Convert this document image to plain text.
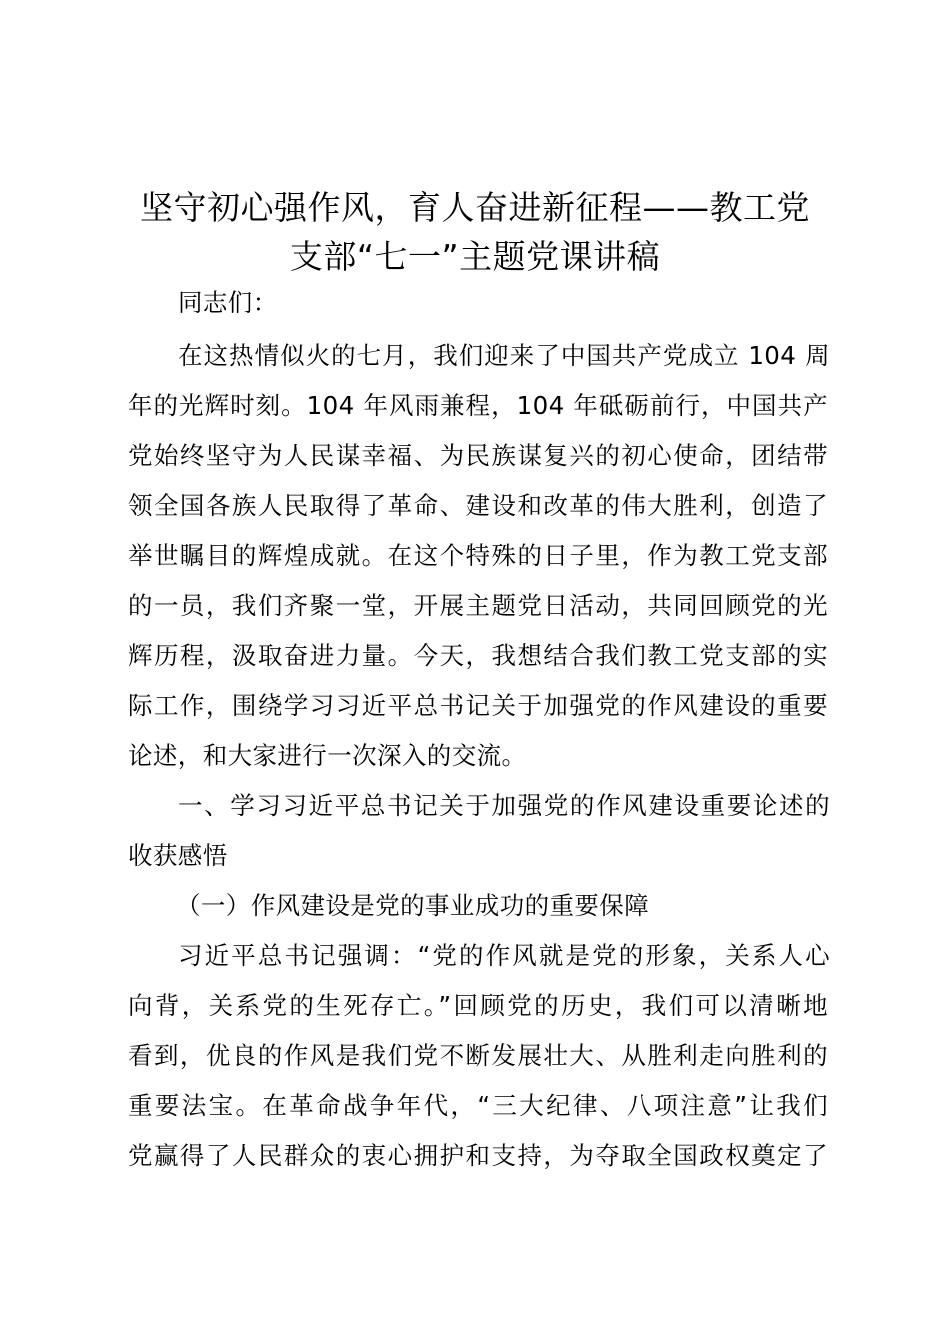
坚守初心强作风，育人奋进新征程——教工党
支部“七一”主题党课讲稿
同志们：
在这热情似火的七月，我们迎来了中国共产党成立 104 周
年的光辉时刻。104 年风雨兼程，104 年砥砺前行，中国共产
党始终坚守为人民谋幸福、为民族谋复兴的初心使命，团结带
领全国各族人民取得了革命、建设和改革的伟大胜利，创造了
举世瞩目的辉煌成就。在这个特殊的日子里，作为教工党支部
的一员，我们齐聚一堂，开展主题党日活动，共同回顾党的光
辉历程，汲取奋进力量。今天，我想结合我们教工党支部的实
际工作，围绕学习习近平总书记关于加强党的作风建设的重要
论述，和大家进行一次深入的交流。
一、学习习近平总书记关于加强党的作风建设重要论述的
收获感悟
（一）作风建设是党的事业成功的重要保障
习近平总书记强调：“党的作风就是党的形象，关系人心
向背，关系党的生死存亡。”回顾党的历史，我们可以清晰地
看到，优良的作风是我们党不断发展壮大、从胜利走向胜利的
重要法宝。在革命战争年代，“三大纪律、八项注意”让我们
党赢得了人民群众的衷心拥护和支持，为夺取全国政权奠定了
